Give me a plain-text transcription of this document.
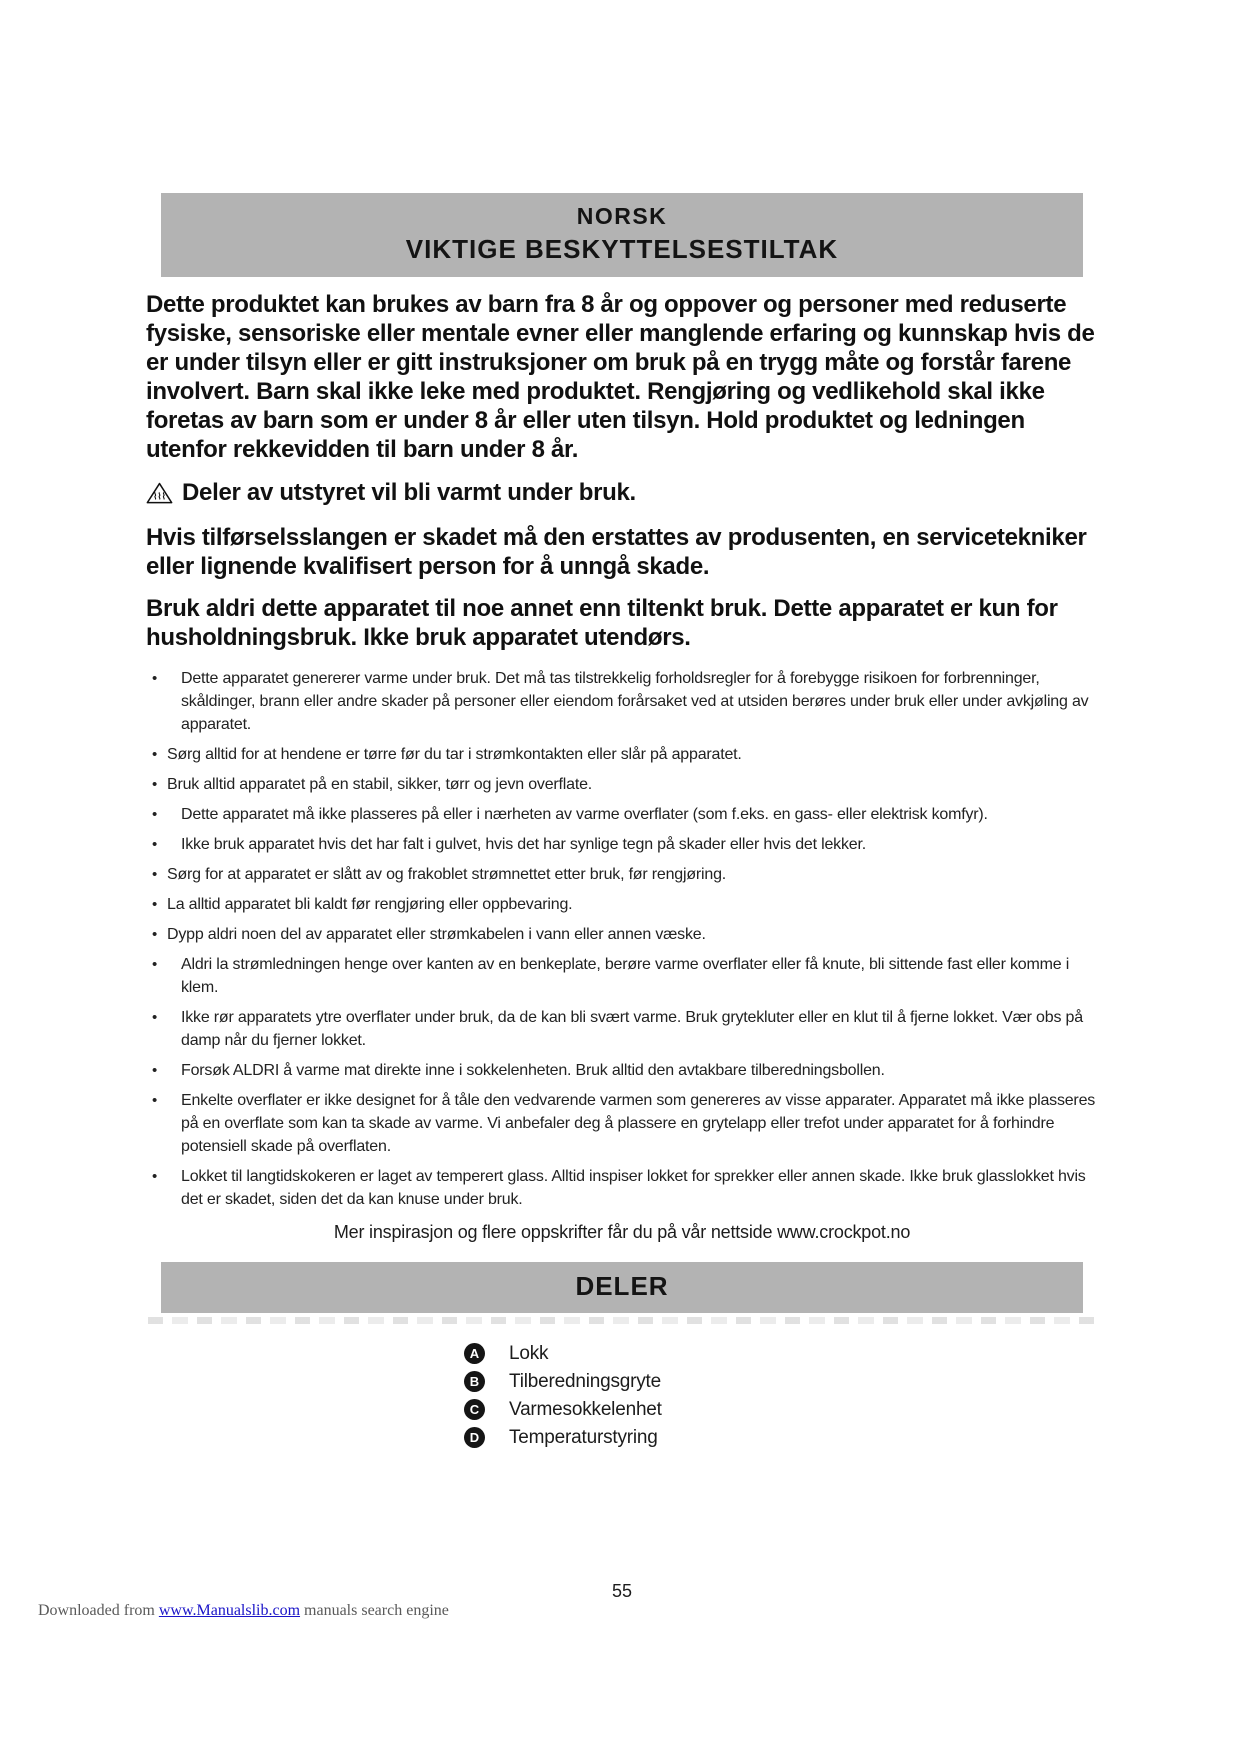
NORSK
VIKTIGE BESKYTTELSESTILTAK

Dette produktet kan brukes av barn fra 8 år og oppover og personer med reduserte fysiske, sensoriske eller mentale evner eller manglende erfaring og kunnskap hvis de er under tilsyn eller er gitt instruksjoner om bruk på en trygg måte og forstår farene involvert. Barn skal ikke leke med produktet. Rengjøring og vedlikehold skal ikke foretas av barn som er under 8 år eller uten tilsyn. Hold produktet og ledningen utenfor rekkevidden til barn under 8 år.

Deler av utstyret vil bli varmt under bruk.

Hvis tilførselsslangen er skadet må den erstattes av produsenten, en servicetekniker eller lignende kvalifisert person for å unngå skade.

Bruk aldri dette apparatet til noe annet enn tiltenkt bruk. Dette apparatet er kun for husholdningsbruk. Ikke bruk apparatet utendørs.

• Dette apparatet genererer varme under bruk. Det må tas tilstrekkelig forholdsregler for å forebygge risikoen for forbrenninger, skåldinger, brann eller andre skader på personer eller eiendom forårsaket ved at utsiden berøres under bruk eller under avkjøling av apparatet.
• Sørg alltid for at hendene er tørre før du tar i strømkontakten eller slår på apparatet.
• Bruk alltid apparatet på en stabil, sikker, tørr og jevn overflate.
• Dette apparatet må ikke plasseres på eller i nærheten av varme overflater (som f.eks. en gass- eller elektrisk komfyr).
• Ikke bruk apparatet hvis det har falt i gulvet, hvis det har synlige tegn på skader eller hvis det lekker.
• Sørg for at apparatet er slått av og frakoblet strømnettet etter bruk, før rengjøring.
• La alltid apparatet bli kaldt før rengjøring eller oppbevaring.
• Dypp aldri noen del av apparatet eller strømkabelen i vann eller annen væske.
• Aldri la strømledningen henge over kanten av en benkeplate, berøre varme overflater eller få knute, bli sittende fast eller komme i klem.
• Ikke rør apparatets ytre overflater under bruk, da de kan bli svært varme. Bruk grytekluter eller en klut til å fjerne lokket. Vær obs på damp når du fjerner lokket.
• Forsøk ALDRI å varme mat direkte inne i sokkelenheten. Bruk alltid den avtakbare tilberedningsbollen.
• Enkelte overflater er ikke designet for å tåle den vedvarende varmen som genereres av visse apparater. Apparatet må ikke plasseres på en overflate som kan ta skade av varme. Vi anbefaler deg å plassere en grytelapp eller trefot under apparatet for å forhindre potensiell skade på overflaten.
• Lokket til langtidskokeren er laget av temperert glass. Alltid inspiser lokket for sprekker eller annen skade. Ikke bruk glasslokket hvis det er skadet, siden det da kan knuse under bruk.

Mer inspirasjon og flere oppskrifter får du på vår nettside www.crockpot.no

DELER
A	Lokk
B	Tilberedningsgryte
C	Varmesokkelenhet
D	Temperaturstyring
55
Downloaded from www.Manualslib.com manuals search engine
